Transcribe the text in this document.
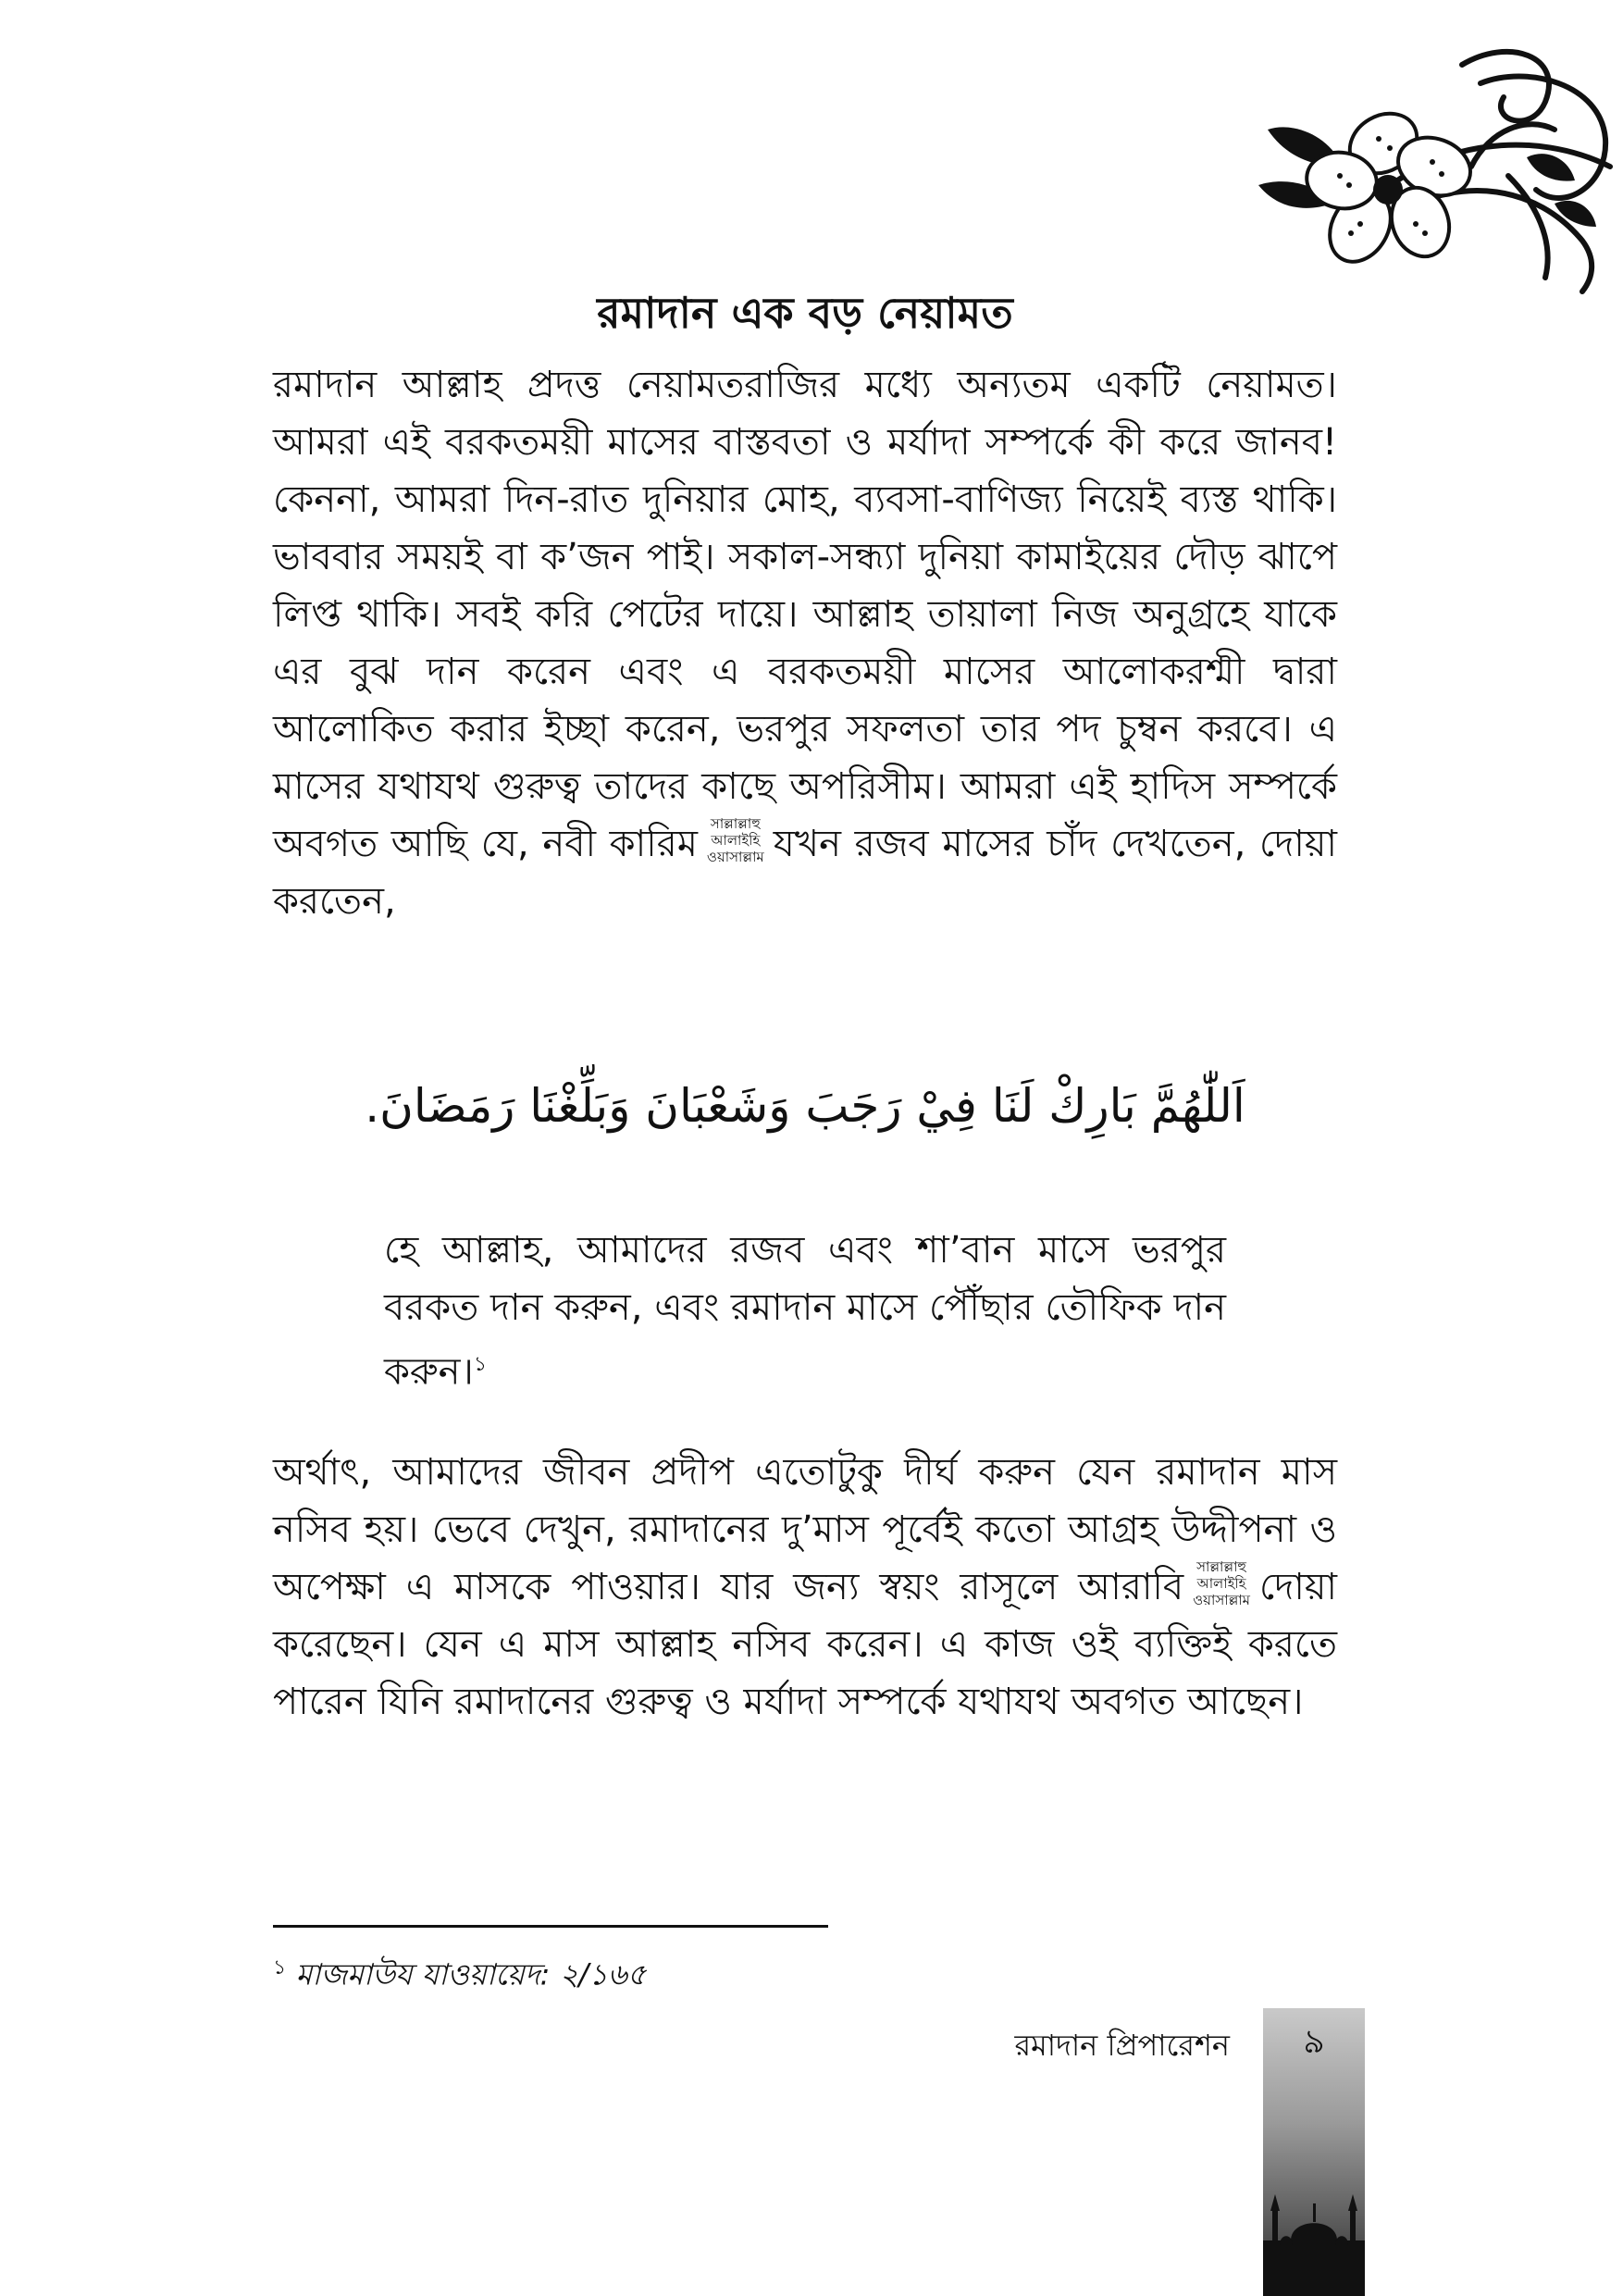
রমাদান এক বড় নেয়ামত

রমাদান আল্লাহ প্রদত্ত নেয়ামতরাজির মধ্যে অন্যতম একটি নেয়ামত। আমরা এই বরকতময়ী মাসের বাস্তবতা ও মর্যাদা সম্পর্কে কী করে জানব! কেননা, আমরা দিন-রাত দুনিয়ার মোহ, ব্যবসা-বাণিজ্য নিয়েই ব্যস্ত থাকি। ভাববার সময়ই বা ক’জন পাই। সকাল-সন্ধ্যা দুনিয়া কামাইয়ের দৌড় ঝাপে লিপ্ত থাকি। সবই করি পেটের দায়ে। আল্লাহ তায়ালা নিজ অনুগ্রহে যাকে এর বুঝ দান করেন এবং এ বরকতময়ী মাসের আলোকরশ্মী দ্বারা আলোকিত করার ইচ্ছা করেন, ভরপুর সফলতা তার পদ চুম্বন করবে। এ মাসের যথাযথ গুরুত্ব তাদের কাছে অপরিসীম। আমরা এই হাদিস সম্পর্কে অবগত আছি যে, নবী কারিম সাল্লাল্লাহু
আলাইহি
ওয়াসাল্লাম যখন রজব মাসের চাঁদ দেখতেন, দোয়া করতেন,

اَللّٰهُمَّ بَارِكْ لَنَا فِيْ رَجَبَ وَشَعْبَانَ وَبَلِّغْنَا رَمَضَانَ.

হে আল্লাহ, আমাদের রজব এবং শা’বান মাসে ভরপুর বরকত দান করুন, এবং রমাদান মাসে পৌঁছার তৌফিক দান করুন।$^১$

অর্থাৎ, আমাদের জীবন প্রদীপ এতোটুকু দীর্ঘ করুন যেন রমাদান মাস নসিব হয়। ভেবে দেখুন, রমাদানের দু’মাস পূর্বেই কতো আগ্রহ উদ্দীপনা ও অপেক্ষা এ মাসকে পাওয়ার। যার জন্য স্বয়ং রাসূলে আরাবি সাল্লাল্লাহু
আলাইহি
ওয়াসাল্লাম দোয়া করেছেন। যেন এ মাস আল্লাহ নসিব করেন। এ কাজ ওই ব্যক্তিই করতে পারেন যিনি রমাদানের গুরুত্ব ও মর্যাদা সম্পর্কে যথাযথ অবগত আছেন।

$^১$ মাজমাউয যাওয়ায়েদ: ২/১৬৫

রমাদান প্রিপারেশন	৯
